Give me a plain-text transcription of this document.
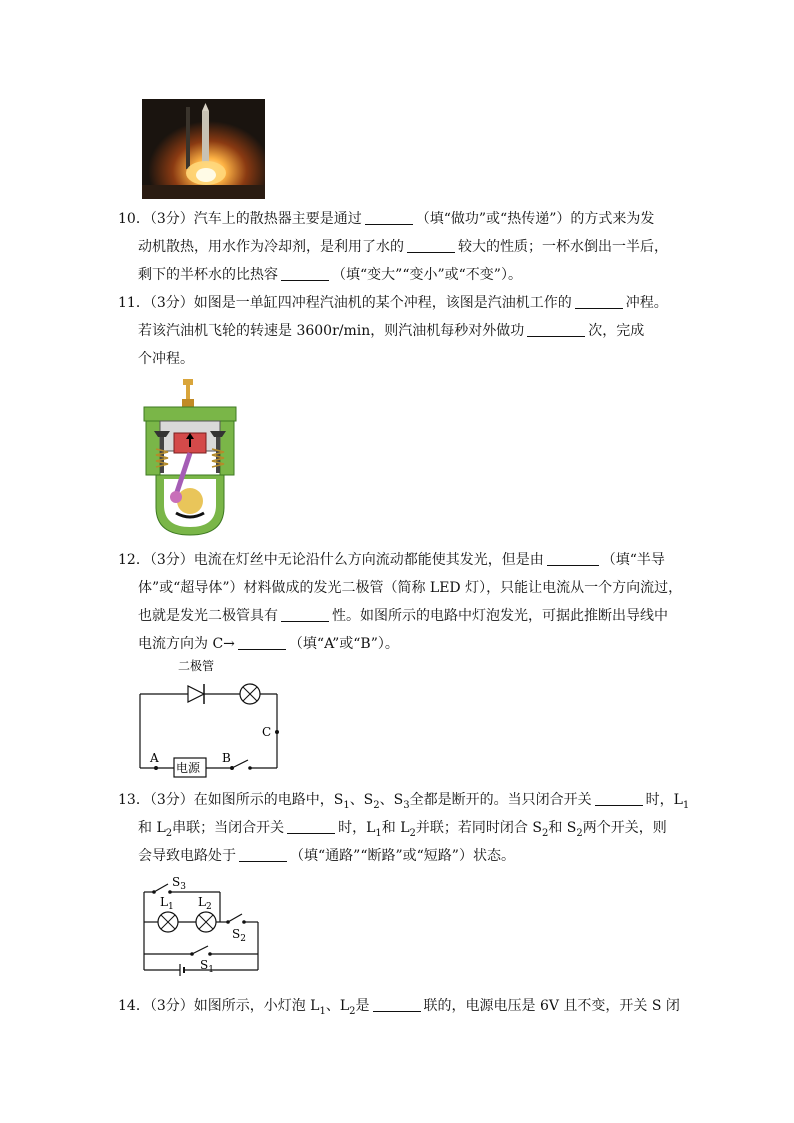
10．（3分）汽车上的散热器主要是通过	（填“做功”或“热传递”）的方式来为发

动机散热，用水作为冷却剂，是利用了水的	较大的性质；一杯水倒出一半后，

剩下的半杯水的比热容	（填“变大”“变小”或“不变”）。

11．（3分）如图是一单缸四冲程汽油机的某个冲程，该图是汽油机工作的	冲程。

若该汽油机飞轮的转速是 3600r/min，则汽油机每秒对外做功	次，完成

个冲程。

12．（3分）电流在灯丝中无论沿什么方向流动都能使其发光，但是由	（填“半导

体”或“超导体”）材料做成的发光二极管（简称 LED 灯），只能让电流从一个方向流过，

也就是发光二极管具有	性。如图所示的电路中灯泡发光，可据此推断出导线中

电流方向为 C→	（填“A”或“B”）。

二极管
C
A
电源
B

13．（3分）在如图所示的电路中，$S_1$、$S_2$、$S_3$全都是断开的。当只闭合开关	时，$L_1$

和 $L_2$串联；当闭合开关	时，$L_1$和 $L_2$并联；若同时闭合 $S_2$和 $S_2$两个开关，则

会导致电路处于	（填“通路”“断路”或“短路”）状态。

$S_3$
$L_1$ $L_2$
$S_2$
$S_1$

14．（3分）如图所示，小灯泡 $L_1$、$L_2$是	联的，电源电压是 6V 且不变，开关 S 闭
